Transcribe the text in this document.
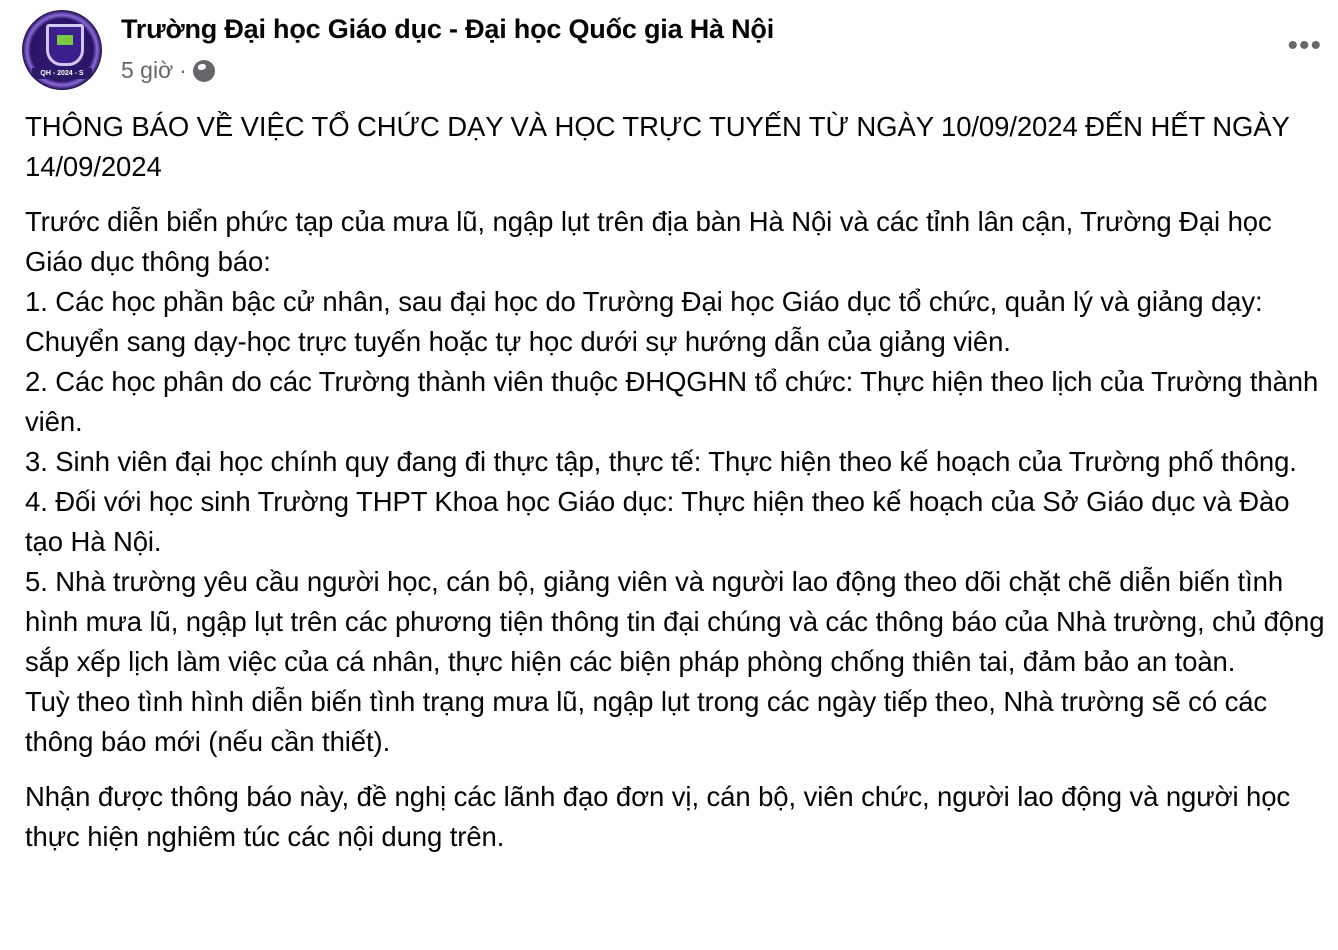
QH - 2024 - S
Trường Đại học Giáo dục - Đại học Quốc gia Hà Nội
5 giờ ·
•••

THÔNG BÁO VỀ VIỆC TỔ CHỨC DẠY VÀ HỌC TRỰC TUYẾN TỪ NGÀY 10/09/2024 ĐẾN HẾT NGÀY 14/09/2024

Trước diễn biển phức tạp của mưa lũ, ngập lụt trên địa bàn Hà Nội và các tỉnh lân cận, Trường Đại học Giáo dục thông báo:
1. Các học phần bậc cử nhân, sau đại học do Trường Đại học Giáo dục tổ chức, quản lý và giảng dạy: Chuyển sang dạy-học trực tuyến hoặc tự học dưới sự hướng dẫn của giảng viên.
2. Các học phân do các Trường thành viên thuộc ĐHQGHN tổ chức: Thực hiện theo lịch của Trường thành viên.
3. Sinh viên đại học chính quy đang đi thực tập, thực tế: Thực hiện theo kế hoạch của Trường phố thông.
4. Đối với học sinh Trường THPT Khoa học Giáo dục: Thực hiện theo kế hoạch của Sở Giáo dục và Đào tạo Hà Nội.
5. Nhà trường yêu cầu người học, cán bộ, giảng viên và người lao động theo dõi chặt chẽ diễn biến tình hình mưa lũ, ngập lụt trên các phương tiện thông tin đại chúng và các thông báo của Nhà trường, chủ động sắp xếp lịch làm việc của cá nhân, thực hiện các biện pháp phòng chống thiên tai, đảm bảo an toàn.
Tuỳ theo tình hình diễn biến tình trạng mưa lũ, ngập lụt trong các ngày tiếp theo, Nhà trường sẽ có các thông báo mới (nếu cần thiết).

Nhận được thông báo này, đề nghị các lãnh đạo đơn vị, cán bộ, viên chức, người lao động và người học thực hiện nghiêm túc các nội dung trên.
